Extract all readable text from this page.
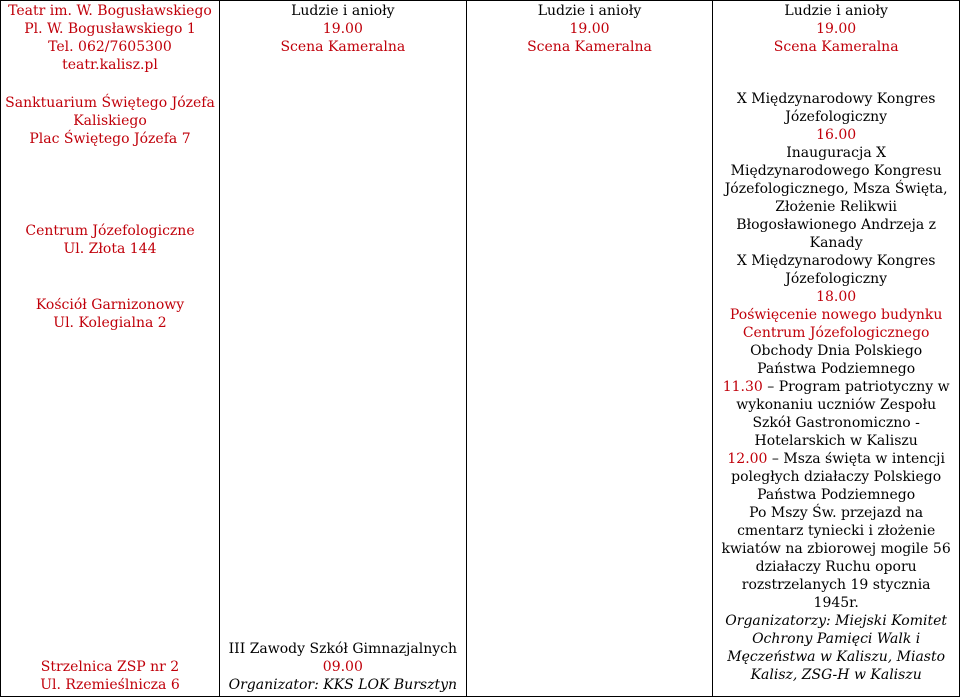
Teatr im. W. Bogusławskiego
Pl. W. Bogusławskiego 1
Tel. 062/7605300
teatr.kalisz.pl
Sanktuarium Świętego Józefa Kaliskiego
Plac Świętego Józefa 7
Centrum Józefologiczne
Ul. Złota 144
Kościół Garnizonowy
Ul. Kolegialna 2
Strzelnica ZSP nr 2
Ul. Rzemieślnicza 6

Ludzie i anioły
19.00
Scena Kameralna
III Zawody Szkół Gimnazjalnych
09.00
Organizator: KKS LOK Bursztyn

Ludzie i anioły
19.00
Scena Kameralna

Ludzie i anioły
19.00
Scena Kameralna
X Międzynarodowy Kongres Józefologiczny
16.00
Inauguracja X Międzynarodowego Kongresu Józefologicznego, Msza Święta, Złożenie Relikwii Błogosławionego Andrzeja z Kanady
X Międzynarodowy Kongres Józefologiczny
18.00
Poświęcenie nowego budynku Centrum Józefologicznego
Obchody Dnia Polskiego Państwa Podziemnego
11.30 – Program patriotyczny w wykonaniu uczniów Zespołu Szkół Gastronomiczno -Hotelarskich w Kaliszu
12.00 – Msza święta w intencji poległych działaczy Polskiego Państwa Podziemnego
Po Mszy Św. przejazd na cmentarz tyniecki i złożenie kwiatów na zbiorowej mogile 56 działaczy Ruchu oporu rozstrzelanych 19 stycznia 1945r.
Organizatorzy: Miejski Komitet Ochrony Pamięci Walk i Męczeństwa w Kaliszu, Miasto Kalisz, ZSG-H w Kaliszu
